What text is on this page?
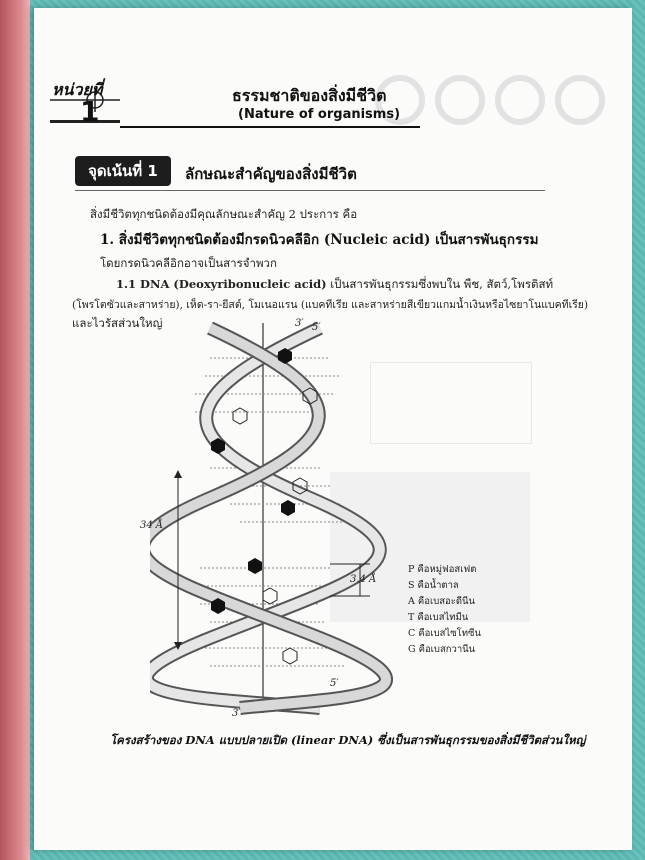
หน่วยที่
1	ธรรมชาติของสิ่งมีชีวิต
(Nature of organisms)
จุดเน้นที่ 1	ลักษณะสำคัญของสิ่งมีชีวิต
สิ่งมีชีวิตทุกชนิดต้องมีคุณลักษณะสำคัญ 2 ประการ คือ
1. สิ่งมีชีวิตทุกชนิดต้องมีกรดนิวคลีอิก (Nucleic acid) เป็นสารพันธุกรรม
โดยกรดนิวคลีอิกอาจเป็นสารจำพวก
1.1 DNA (Deoxyribonucleic acid) เป็นสารพันธุกรรมซึ่งพบใน พืช, สัตว์,โพรติสท์
(โพรโตซัวและสาหร่าย), เห็ด-รา-ยีสต์, โมเนอแรน (แบคทีเรีย และสาหร่ายสีเขียวแกมน้ำเงินหรือไซยาโนแบคทีเรีย)
และไวรัสส่วนใหญ่	3′ 5′
5′
3′
34 Å
3.4 Å
P คือหมู่ฟอสเฟต
S คือน้ำตาล
A คือเบสอะดีนีน
T คือเบสไทมีน
C คือเบสไซโทซีน
G คือเบสกวานีน
โครงสร้างของ DNA แบบปลายเปิด (linear DNA) ซึ่งเป็นสารพันธุกรรมของสิ่งมีชีวิตส่วนใหญ่
